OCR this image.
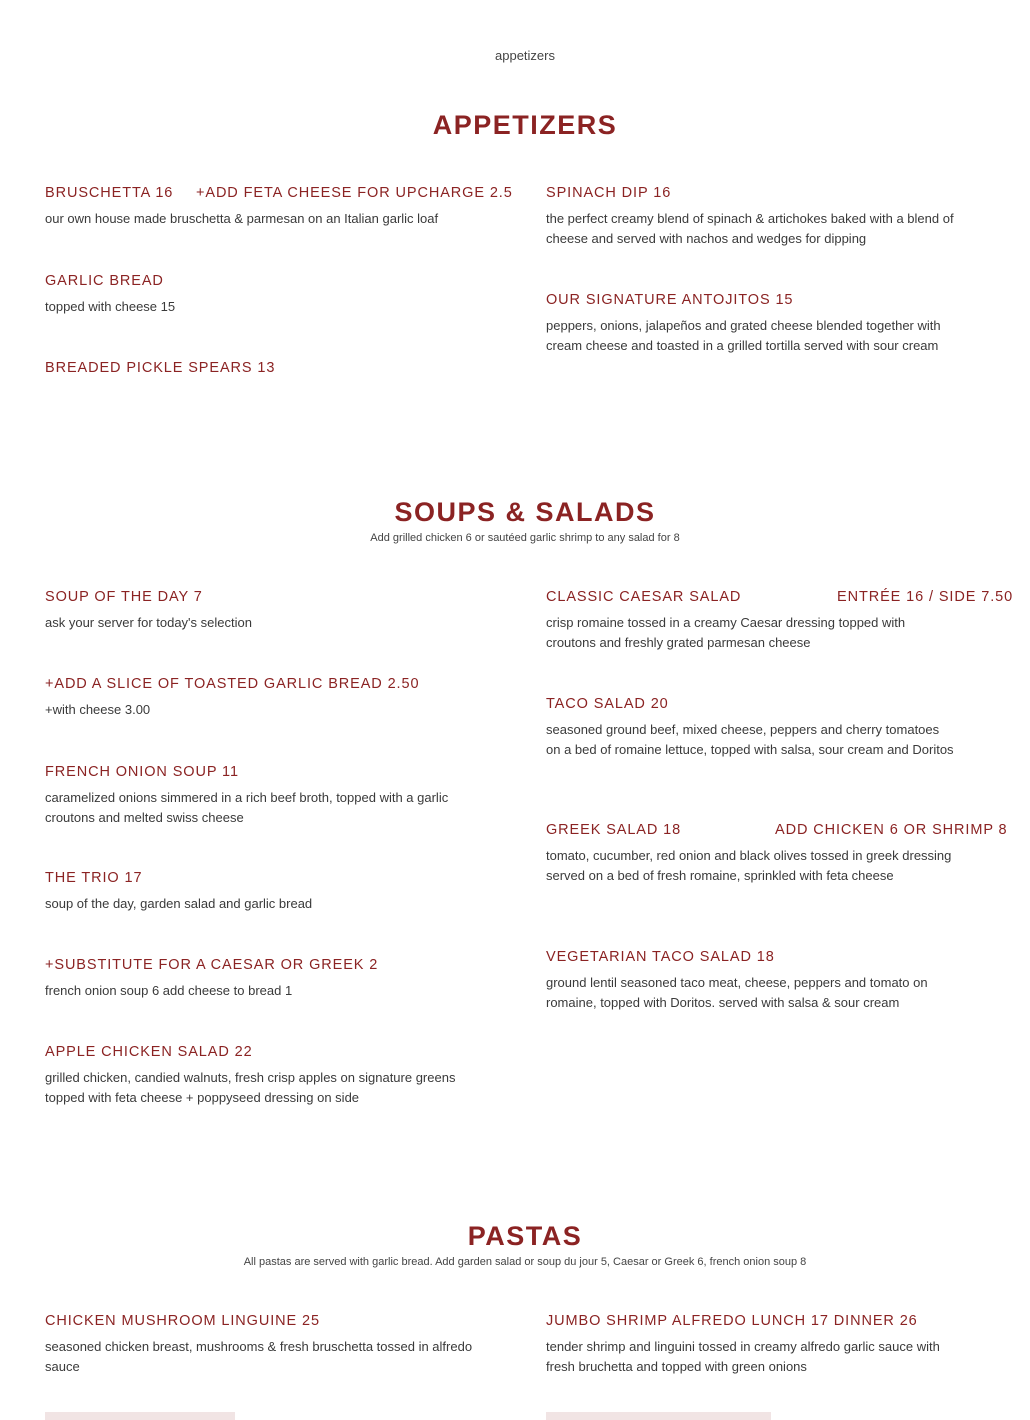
appetizers
APPETIZERS
BRUSCHETTA 16 +ADD FETA CHEESE FOR UPCHARGE 2.5
our own house made bruschetta & parmesan on an Italian garlic loaf
GARLIC BREAD
topped with cheese 15
BREADED PICKLE SPEARS 13
SPINACH DIP 16
the perfect creamy blend of spinach & artichokes baked with a blend of cheese and served with nachos and wedges for dipping
OUR SIGNATURE ANTOJITOS 15
peppers, onions, jalapeños and grated cheese blended together with cream cheese and toasted in a grilled tortilla served with sour cream
SOUPS & SALADS
Add grilled chicken 6 or sautéed garlic shrimp to any salad for 8
SOUP OF THE DAY 7
ask your server for today's selection
+ADD A SLICE OF TOASTED GARLIC BREAD 2.50
+with cheese 3.00
FRENCH ONION SOUP 11
caramelized onions simmered in a rich beef broth, topped with a garlic croutons and melted swiss cheese
THE TRIO 17
soup of the day, garden salad and garlic bread
+SUBSTITUTE FOR A CAESAR OR GREEK 2
french onion soup 6 add cheese to bread 1
APPLE CHICKEN SALAD 22
grilled chicken, candied walnuts, fresh crisp apples on signature greens topped with feta cheese + poppyseed dressing on side
CLASSIC CAESAR SALAD	ENTRÉE 16 / SIDE 7.50
crisp romaine tossed in a creamy Caesar dressing topped with croutons and freshly grated parmesan cheese
TACO SALAD 20
seasoned ground beef, mixed cheese, peppers and cherry tomatoes on a bed of romaine lettuce, topped with salsa, sour cream and Doritos
GREEK SALAD 18	ADD CHICKEN 6 OR SHRIMP 8
tomato, cucumber, red onion and black olives tossed in greek dressing served on a bed of fresh romaine, sprinkled with feta cheese
VEGETARIAN TACO SALAD 18
ground lentil seasoned taco meat, cheese, peppers and tomato on romaine, topped with Doritos. served with salsa & sour cream
PASTAS
All pastas are served with garlic bread. Add garden salad or soup du jour 5, Caesar or Greek 6, french onion soup 8
CHICKEN MUSHROOM LINGUINE 25
seasoned chicken breast, mushrooms & fresh bruschetta tossed in alfredo sauce
JUMBO SHRIMP ALFREDO LUNCH 17 DINNER 26
tender shrimp and linguini tossed in creamy alfredo garlic sauce with fresh bruchetta and topped with green onions
